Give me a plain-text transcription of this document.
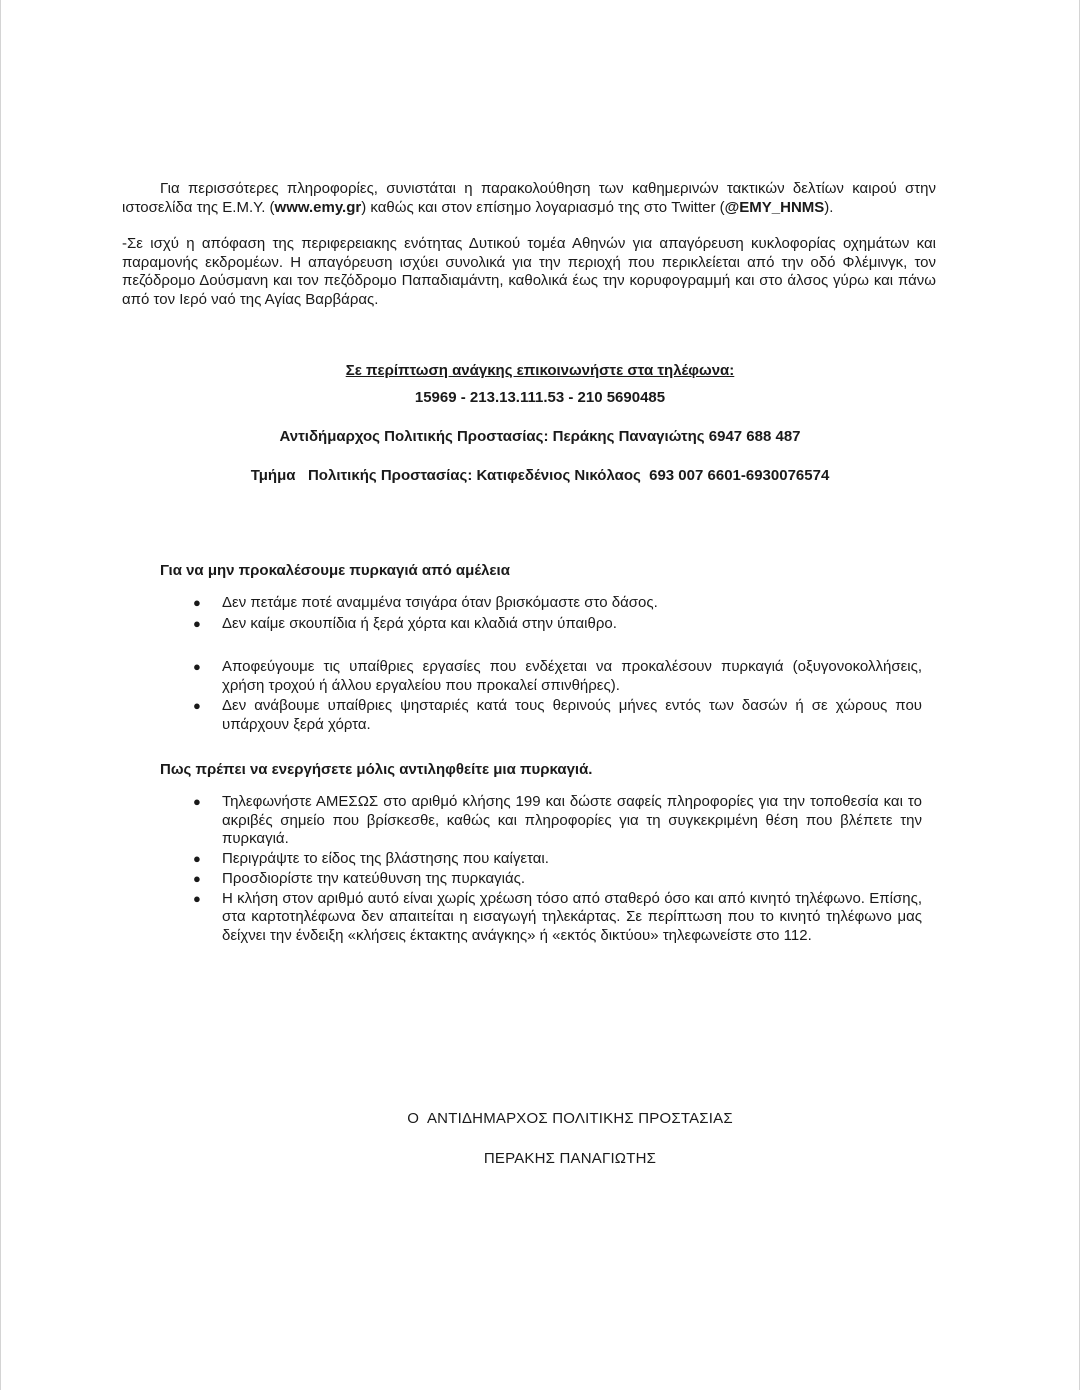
Για περισσότερες πληροφορίες, συνιστάται η παρακολούθηση των καθημερινών τακτικών δελτίων καιρού στην ιστοσελίδα της Ε.Μ.Υ. (www.emy.gr) καθώς και στον επίσημο λογαριασμό της στο Twitter (@EMY_HNMS).

-Σε ισχύ η απόφαση της περιφερειακης ενότητας Δυτικού τομέα Αθηνών για απαγόρευση κυκλοφορίας οχημάτων και παραμονής εκδρομέων. Η απαγόρευση ισχύει συνολικά για την περιοχή που περικλείεται από την οδό Φλέμινγκ, τον πεζόδρομο Δούσμανη και τον πεζόδρομο Παπαδιαμάντη, καθολικά έως την κορυφογραμμή και στο άλσος γύρω και πάνω από τον Ιερό ναό της Αγίας Βαρβάρας.

Σε περίπτωση ανάγκης επικοινωνήστε στα τηλέφωνα:

15969 - 213.13.111.53 - 210 5690485

Αντιδήμαρχος Πολιτικής Προστασίας: Περάκης Παναγιώτης 6947 688 487

Τμήμα   Πολιτικής Προστασίας: Κατιφεδένιος Νικόλαος  693 007 6601-6930076574

Για να μην προκαλέσουμε πυρκαγιά από αμέλεια

● Δεν πετάμε ποτέ αναμμένα τσιγάρα όταν βρισκόμαστε στο δάσος.
● Δεν καίμε σκουπίδια ή ξερά χόρτα και κλαδιά στην ύπαιθρο.
● Αποφεύγουμε τις υπαίθριες εργασίες που ενδέχεται να προκαλέσουν πυρκαγιά (οξυγονοκολλήσεις, χρήση τροχού ή άλλου εργαλείου που προκαλεί σπινθήρες).
● Δεν ανάβουμε υπαίθριες ψησταριές κατά τους θερινούς μήνες εντός των δασών ή σε χώρους που υπάρχουν ξερά χόρτα.

Πως πρέπει να ενεργήσετε μόλις αντιληφθείτε μια πυρκαγιά.

● Τηλεφωνήστε ΑΜΕΣΩΣ στο αριθμό κλήσης 199 και δώστε σαφείς πληροφορίες για την τοποθεσία και το ακριβές σημείο που βρίσκεσθε, καθώς και πληροφορίες για τη συγκεκριμένη θέση που βλέπετε την πυρκαγιά.
● Περιγράψτε το είδος της βλάστησης που καίγεται.
● Προσδιορίστε την κατεύθυνση της πυρκαγιάς.
● Η κλήση στον αριθμό αυτό είναι χωρίς χρέωση τόσο από σταθερό όσο και από κινητό τηλέφωνο. Επίσης, στα καρτοτηλέφωνα δεν απαιτείται η εισαγωγή τηλεκάρτας. Σε περίπτωση που το κινητό τηλέφωνο μας δείχνει την ένδειξη «κλήσεις έκτακτης ανάγκης» ή «εκτός δικτύου» τηλεφωνείστε στο 112.

Ο  ΑΝΤΙΔΗΜΑΡΧΟΣ ΠΟΛΙΤΙΚΗΣ ΠΡΟΣΤΑΣΙΑΣ

ΠΕΡΑΚΗΣ ΠΑΝΑΓΙΩΤΗΣ
